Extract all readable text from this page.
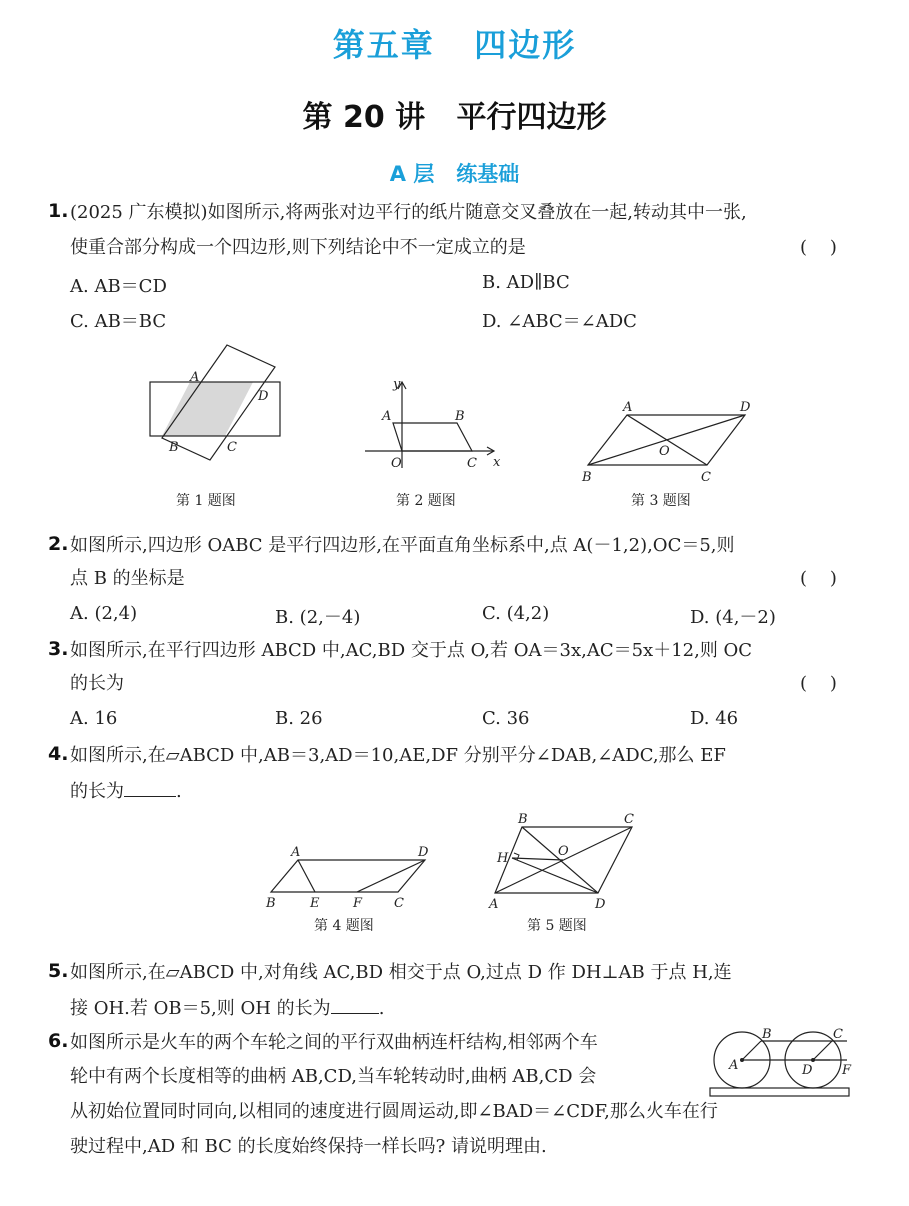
第五章   四边形
第 20 讲   平行四边形
A 层   练基础
1. (2025 广东模拟)如图所示,将两张对边平行的纸片随意交叉叠放在一起,转动其中一张,
使重合部分构成一个四边形,则下列结论中不一定成立的是	(    )
A. AB＝CD	B. AD∥BC
C. AB＝BC	D. ∠ABC＝∠ADC
A
D
B	C
第 1 题图
y
x
A	B
O	C
第 2 题图
A	D
O
B	C
第 3 题图
2. 如图所示,四边形 OABC 是平行四边形,在平面直角坐标系中,点 A(－1,2),OC＝5,则
点 B 的坐标是	(    )
A. (2,4)	B. (2,－4)	C. (4,2)	D. (4,－2)
3. 如图所示,在平行四边形 ABCD 中,AC,BD 交于点 O,若 OA＝3x,AC＝5x＋12,则 OC
的长为	(    )
A. 16	B. 26	C. 36	D. 46
4. 如图所示,在▱ABCD 中,AB＝3,AD＝10,AE,DF 分别平分∠DAB,∠ADC,那么 EF
的长为	.
A	D
B	E	F C
第 4 题图
B	C
H	O
A	D
第 5 题图
5. 如图所示,在▱ABCD 中,对角线 AC,BD 相交于点 O,过点 D 作 DH⊥AB 于点 H,连
接 OH.若 OB＝5,则 OH 的长为	.
6. 如图所示是火车的两个车轮之间的平行双曲柄连杆结构,相邻两个车
轮中有两个长度相等的曲柄 AB,CD,当车轮转动时,曲柄 AB,CD 会
从初始位置同时同向,以相同的速度进行圆周运动,即∠BAD＝∠CDF,那么火车在行
驶过程中,AD 和 BC 的长度始终保持一样长吗? 请说明理由.
A
B	C
D F
